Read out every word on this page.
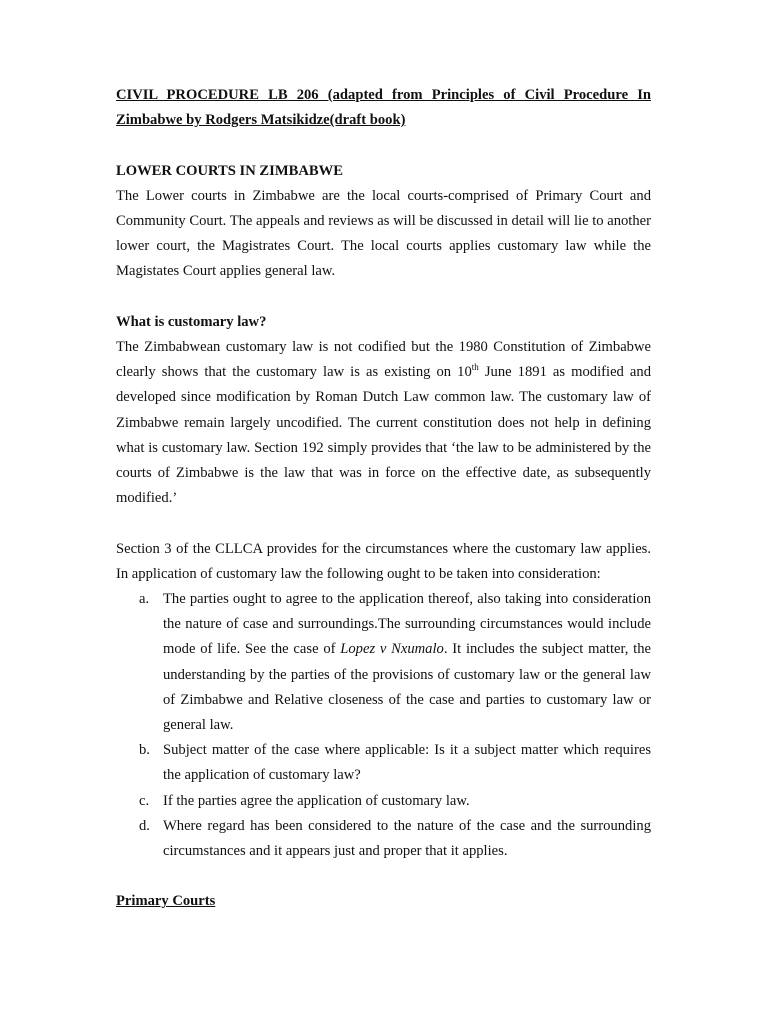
CIVIL PROCEDURE LB 206 (adapted from Principles of Civil Procedure In Zimbabwe by Rodgers Matsikidze(draft book)

LOWER COURTS IN ZIMBABWE

The Lower courts in Zimbabwe are the local courts-comprised of Primary Court and Community Court. The appeals and reviews as will be discussed in detail will lie to another lower court, the Magistrates Court. The local courts applies customary law while the Magistates Court applies general law.

What is customary law?

The Zimbabwean customary law is not codified but the 1980 Constitution of Zimbabwe clearly shows that the customary law is as existing on 10th June 1891 as modified and developed since modification by Roman Dutch Law common law. The customary law of Zimbabwe remain largely uncodified. The current constitution does not help in defining what is customary law. Section 192 simply provides that ‘the law to be administered by the courts of Zimbabwe is the law that was in force on the effective date, as subsequently modified.’

Section 3 of the CLLCA provides for the circumstances where the customary law applies. In application of customary law the following ought to be taken into consideration:

a. The parties ought to agree to the application thereof, also taking into consideration the nature of case and surroundings.The surrounding circumstances would include mode of life. See the case of Lopez v Nxumalo. It includes the subject matter, the understanding by the parties of the provisions of customary law or the general law of Zimbabwe and Relative closeness of the case and parties to customary law or general law.
b. Subject matter of the case where applicable: Is it a subject matter which requires the application of customary law?
c. If the parties agree the application of customary law.
d. Where regard has been considered to the nature of the case and the surrounding circumstances and it appears just and proper that it applies.

Primary Courts
